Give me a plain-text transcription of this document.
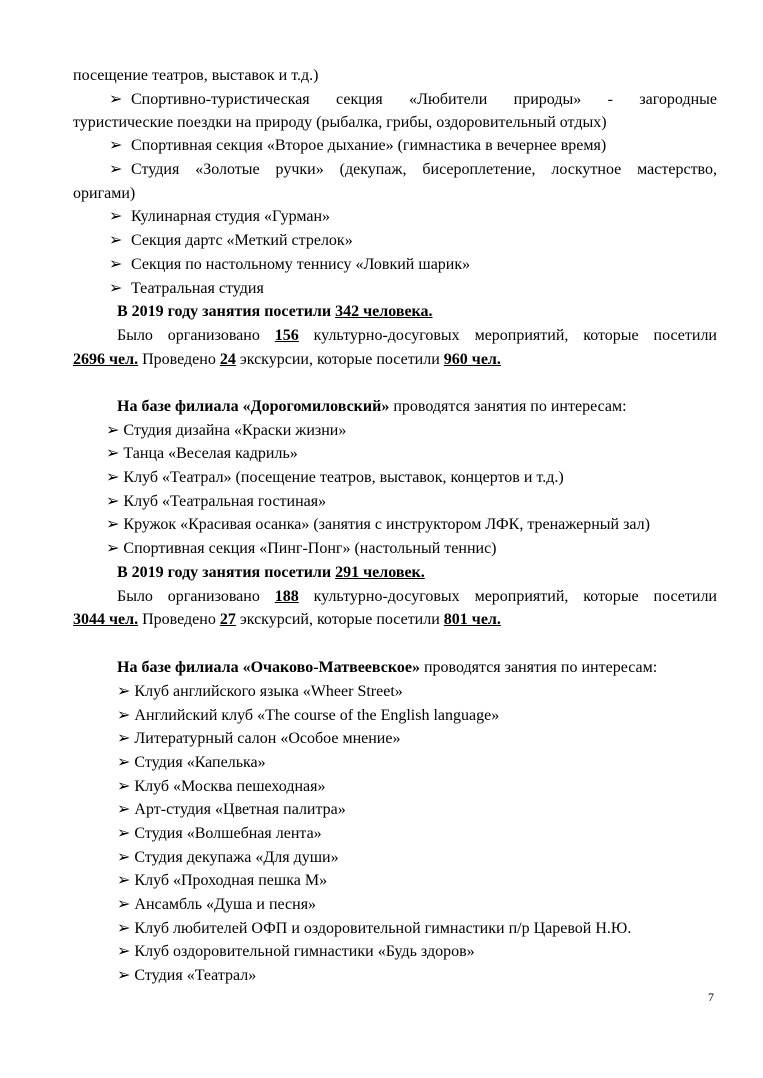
посещение театров, выставок и т.д.)
➢ Спортивно-туристическая секция «Любители природы» - загородные
туристические поездки на природу (рыбалка, грибы, оздоровительный отдых)
➢ Спортивная секция «Второе дыхание» (гимнастика в вечернее время)
➢ Студия «Золотые ручки» (декупаж, бисероплетение, лоскутное мастерство,
оригами)
➢ Кулинарная студия «Гурман»
➢ Секция дартс «Меткий стрелок»
➢ Секция по настольному теннису «Ловкий шарик»
➢ Театральная студия
В 2019 году занятия посетили 342 человека.
Было организовано 156 культурно-досуговых мероприятий, которые посетили
2696 чел. Проведено 24 экскурсии, которые посетили 960 чел.
На базе филиала «Дорогомиловский» проводятся занятия по интересам:
➢ Студия дизайна «Краски жизни»
➢ Танца «Веселая кадриль»
➢ Клуб «Театрал» (посещение театров, выставок, концертов и т.д.)
➢ Клуб «Театральная гостиная»
➢ Кружок «Красивая осанка» (занятия с инструктором ЛФК, тренажерный зал)
➢ Спортивная секция «Пинг-Понг» (настольный теннис)
В 2019 году занятия посетили 291 человек.
Было организовано 188 культурно-досуговых мероприятий, которые посетили
3044 чел. Проведено 27 экскурсий, которые посетили 801 чел.
На базе филиала «Очаково-Матвеевское» проводятся занятия по интересам:
➢ Клуб английского языка «Wheer Street»
➢ Английский клуб «The course of the English language»
➢ Литературный салон «Особое мнение»
➢ Студия «Капелька»
➢ Клуб «Москва пешеходная»
➢ Арт-студия «Цветная палитра»
➢ Студия «Волшебная лента»
➢ Студия декупажа «Для души»
➢ Клуб «Проходная пешка М»
➢ Ансамбль «Душа и песня»
➢ Клуб любителей ОФП и оздоровительной гимнастики п/р Царевой Н.Ю.
➢ Клуб оздоровительной гимнастики «Будь здоров»
➢ Студия «Театрал»
7
